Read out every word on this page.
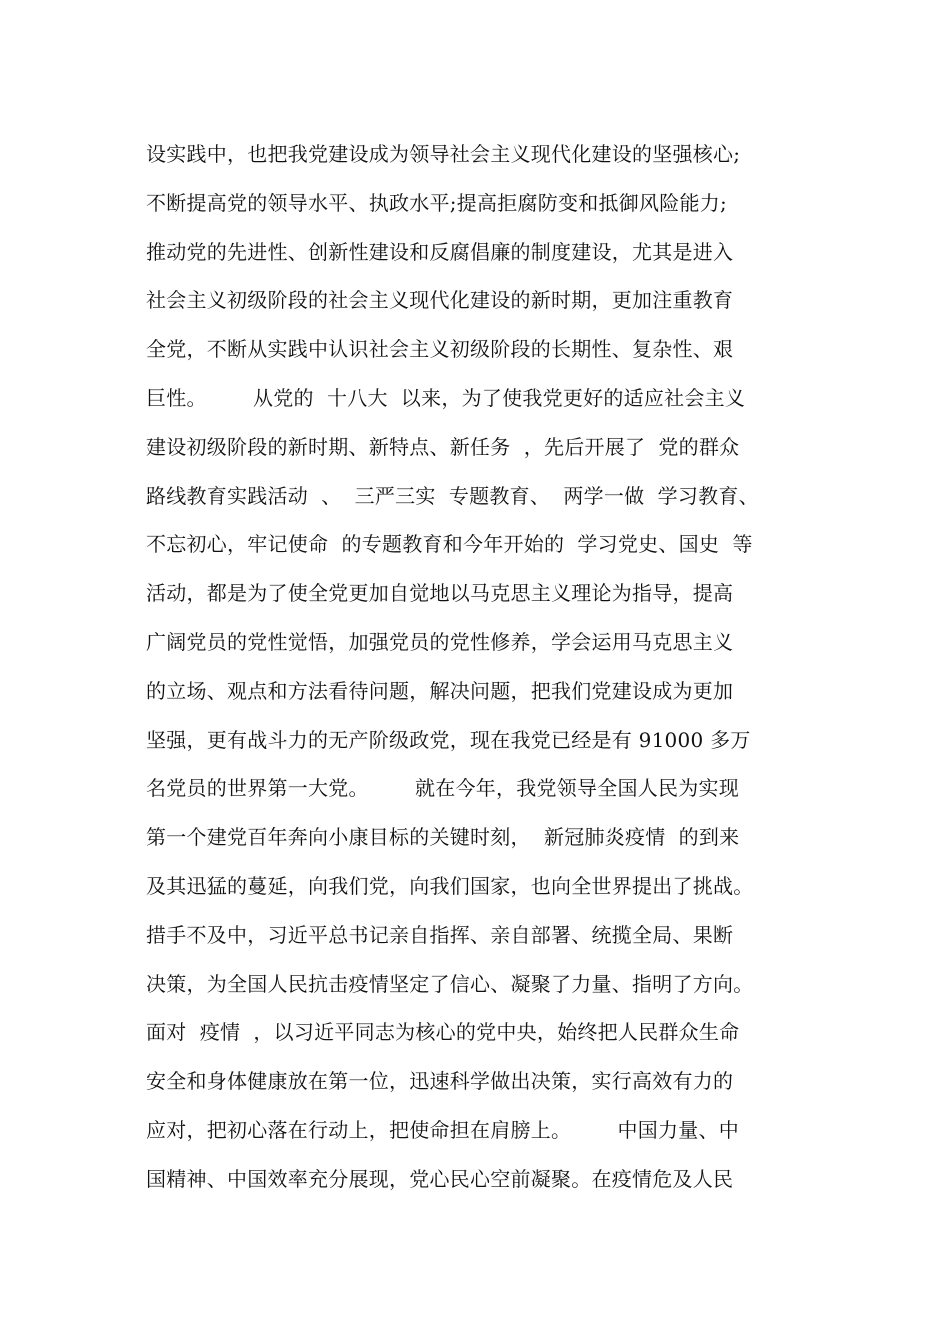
设实践中，也把我党建设成为领导社会主义现代化建设的坚强核心;
不断提高党的领导水平、执政水平;提高拒腐防变和抵御风险能力;
推动党的先进性、创新性建设和反腐倡廉的制度建设，尤其是进入
社会主义初级阶段的社会主义现代化建设的新时期，更加注重教育
全党，不断从实践中认识社会主义初级阶段的长期性、复杂性、艰
巨性。       从党的  十八大  以来，为了使我党更好的适应社会主义
建设初级阶段的新时期、新特点、新任务  ，先后开展了  党的群众
路线教育实践活动  、  三严三实  专题教育、  两学一做  学习教育、
不忘初心，牢记使命  的专题教育和今年开始的  学习党史、国史  等
活动，都是为了使全党更加自觉地以马克思主义理论为指导，提高
广阔党员的党性觉悟，加强党员的党性修养，学会运用马克思主义
的立场、观点和方法看待问题，解决问题，把我们党建设成为更加
坚强，更有战斗力的无产阶级政党，现在我党已经是有 91000 多万
名党员的世界第一大党。       就在今年，我党领导全国人民为实现
第一个建党百年奔向小康目标的关键时刻，  新冠肺炎疫情  的到来
及其迅猛的蔓延，向我们党，向我们国家，也向全世界提出了挑战。
措手不及中，习近平总书记亲自指挥、亲自部署、统揽全局、果断
决策，为全国人民抗击疫情坚定了信心、凝聚了力量、指明了方向。
面对  疫情  ，以习近平同志为核心的党中央，始终把人民群众生命
安全和身体健康放在第一位，迅速科学做出决策，实行高效有力的
应对，把初心落在行动上，把使命担在肩膀上。       中国力量、中
国精神、中国效率充分展现，党心民心空前凝聚。在疫情危及人民
